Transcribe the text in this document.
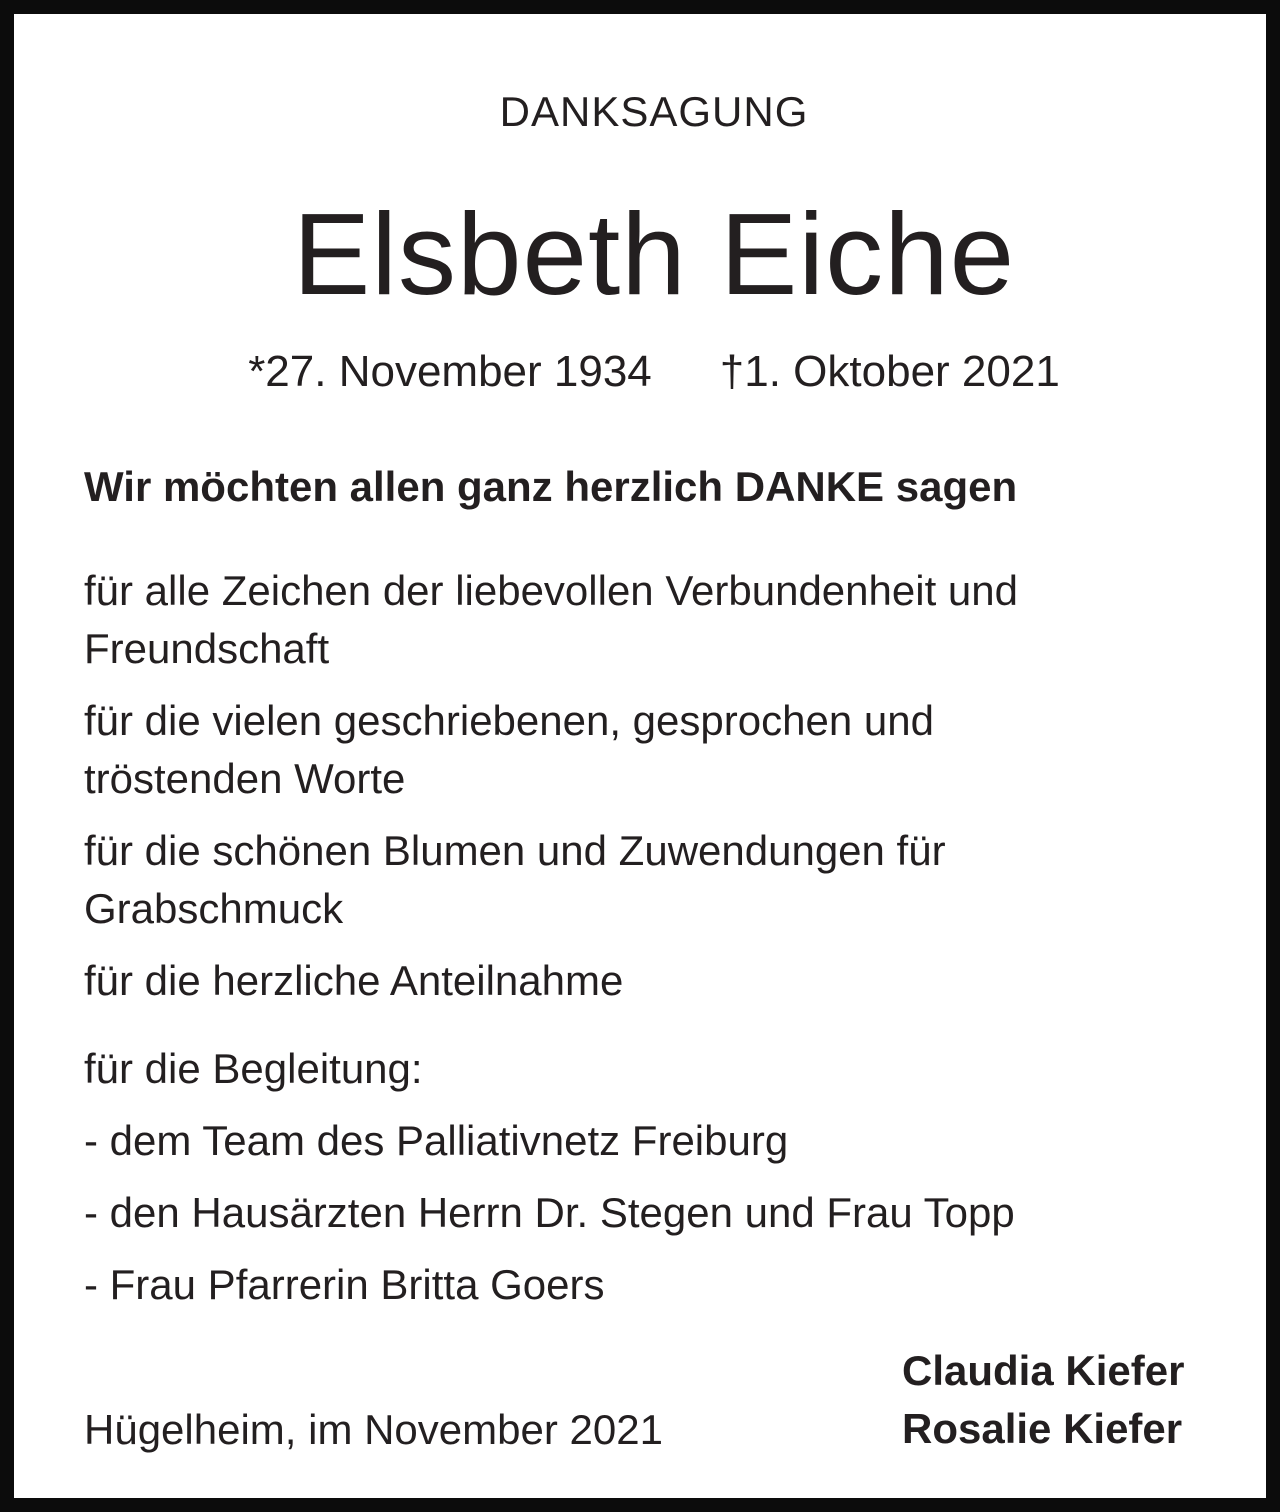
DANKSAGUNG
Elsbeth Eiche
*27. November 1934 †1. Oktober 2021
Wir möchten allen ganz herzlich DANKE sagen
für alle Zeichen der liebevollen Verbundenheit und
Freundschaft
für die vielen geschriebenen, gesprochen und
tröstenden Worte
für die schönen Blumen und Zuwendungen für
Grabschmuck
für die herzliche Anteilnahme
für die Begleitung:
- dem Team des Palliativnetz Freiburg
- den Hausärzten Herrn Dr. Stegen und Frau Topp
- Frau Pfarrerin Britta Goers
Hügelheim, im November 2021
Claudia Kiefer
Rosalie Kiefer
